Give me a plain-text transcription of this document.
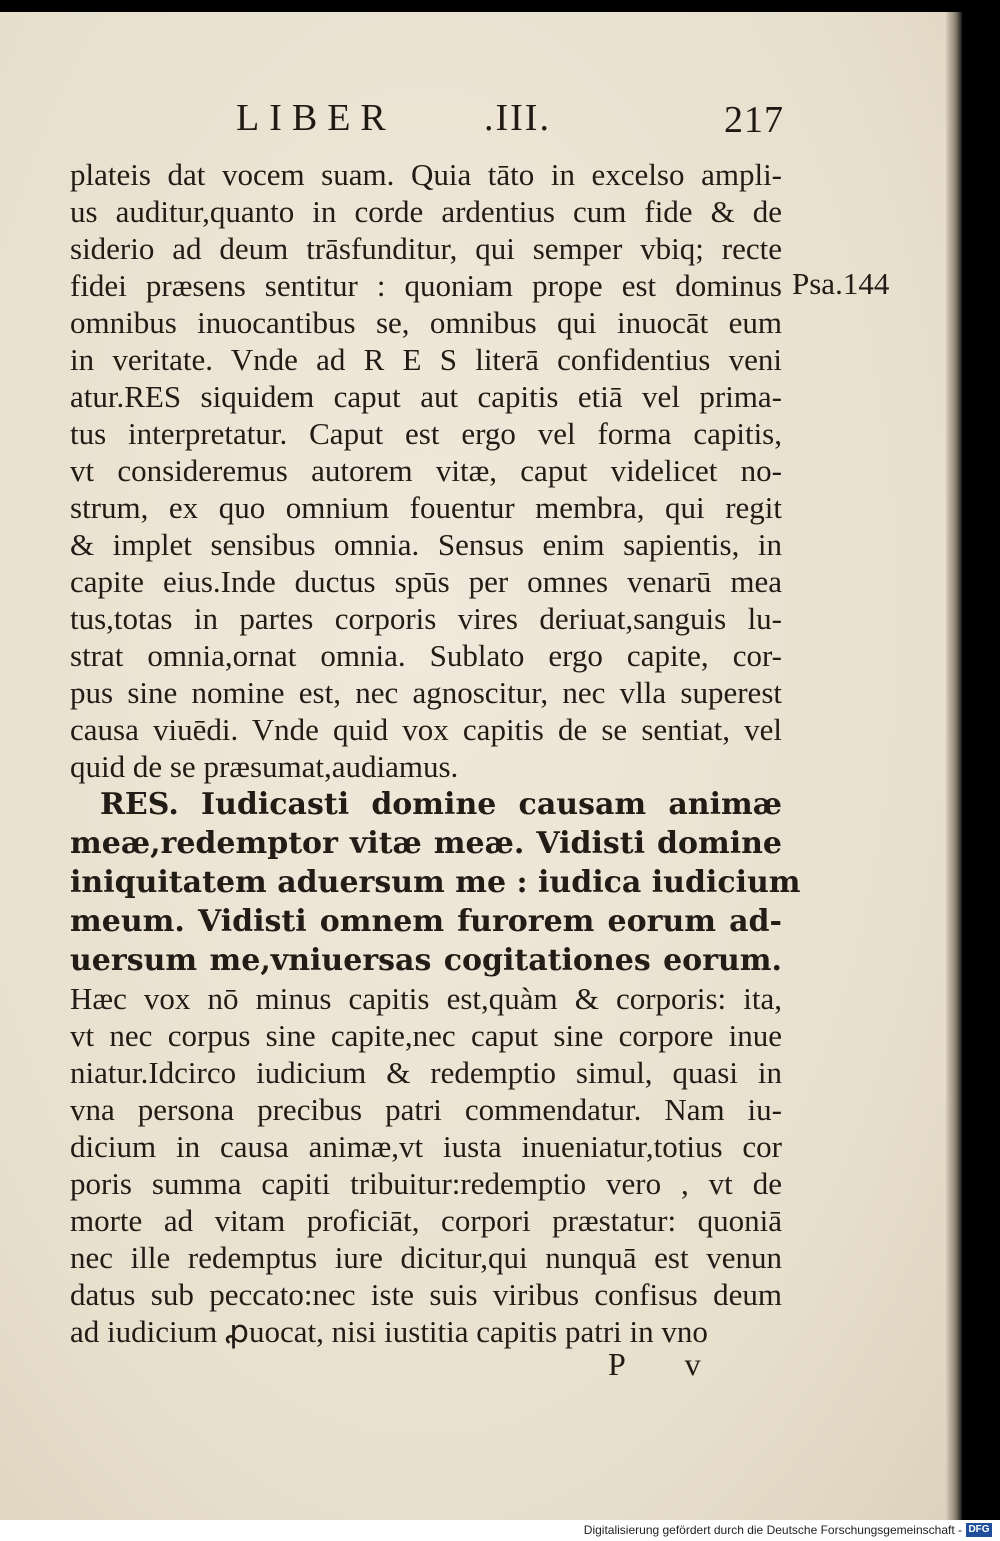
LIBER .III.	217
plateis dat vocem suam. Quia tāto in excelso ampli-
us auditur,quanto in corde ardentius cum fide & de
siderio ad deum trāsfunditur, qui semper vbiq; recte
fidei præsens sentitur : quoniam prope est dominus
omnibus inuocantibus se, omnibus qui inuocāt eum
in veritate. Vnde ad R E S literā confidentius veni
atur.RES siquidem caput aut capitis etiā vel prima-
tus interpretatur. Caput est ergo vel forma capitis,
vt consideremus autorem vitæ, caput videlicet no-
strum, ex quo omnium fouentur membra, qui regit
& implet sensibus omnia. Sensus enim sapientis, in
capite eius.Inde ductus spūs per omnes venarū mea
tus,totas in partes corporis vires deriuat,sanguis lu-
strat omnia,ornat omnia. Sublato ergo capite, cor-
pus sine nomine est, nec agnoscitur, nec vlla superest
causa viuēdi. Vnde quid vox capitis de se sentiat, vel
quid de se præsumat,audiamus.
RES. Iudicasti domine causam animæ
meæ,redemptor vitæ meæ. Vidisti domine
iniquitatem aduersum me : iudica iudicium
meum. Vidisti omnem furorem eorum ad-
uersum me,vniuersas cogitationes eorum.
Hæc vox nō minus capitis est,quàm & corporis: ita,
vt nec corpus sine capite,nec caput sine corpore inue
niatur.Idcirco iudicium & redemptio simul, quasi in
vna persona precibus patri commendatur. Nam iu-
dicium in causa animæ,vt iusta inueniatur,totius cor
poris summa capiti tribuitur:redemptio vero , vt de
morte ad vitam proficiāt, corpori præstatur: quoniā
nec ille redemptus iure dicitur,qui nunquā est venun
datus sub peccato:nec iste suis viribus confisus deum
ad iudicium ꝓuocat, nisi iustitia capitis patri in vno
Psa.144
P v
Digitalisierung gefördert durch die Deutsche Forschungsgemeinschaft - DFG
